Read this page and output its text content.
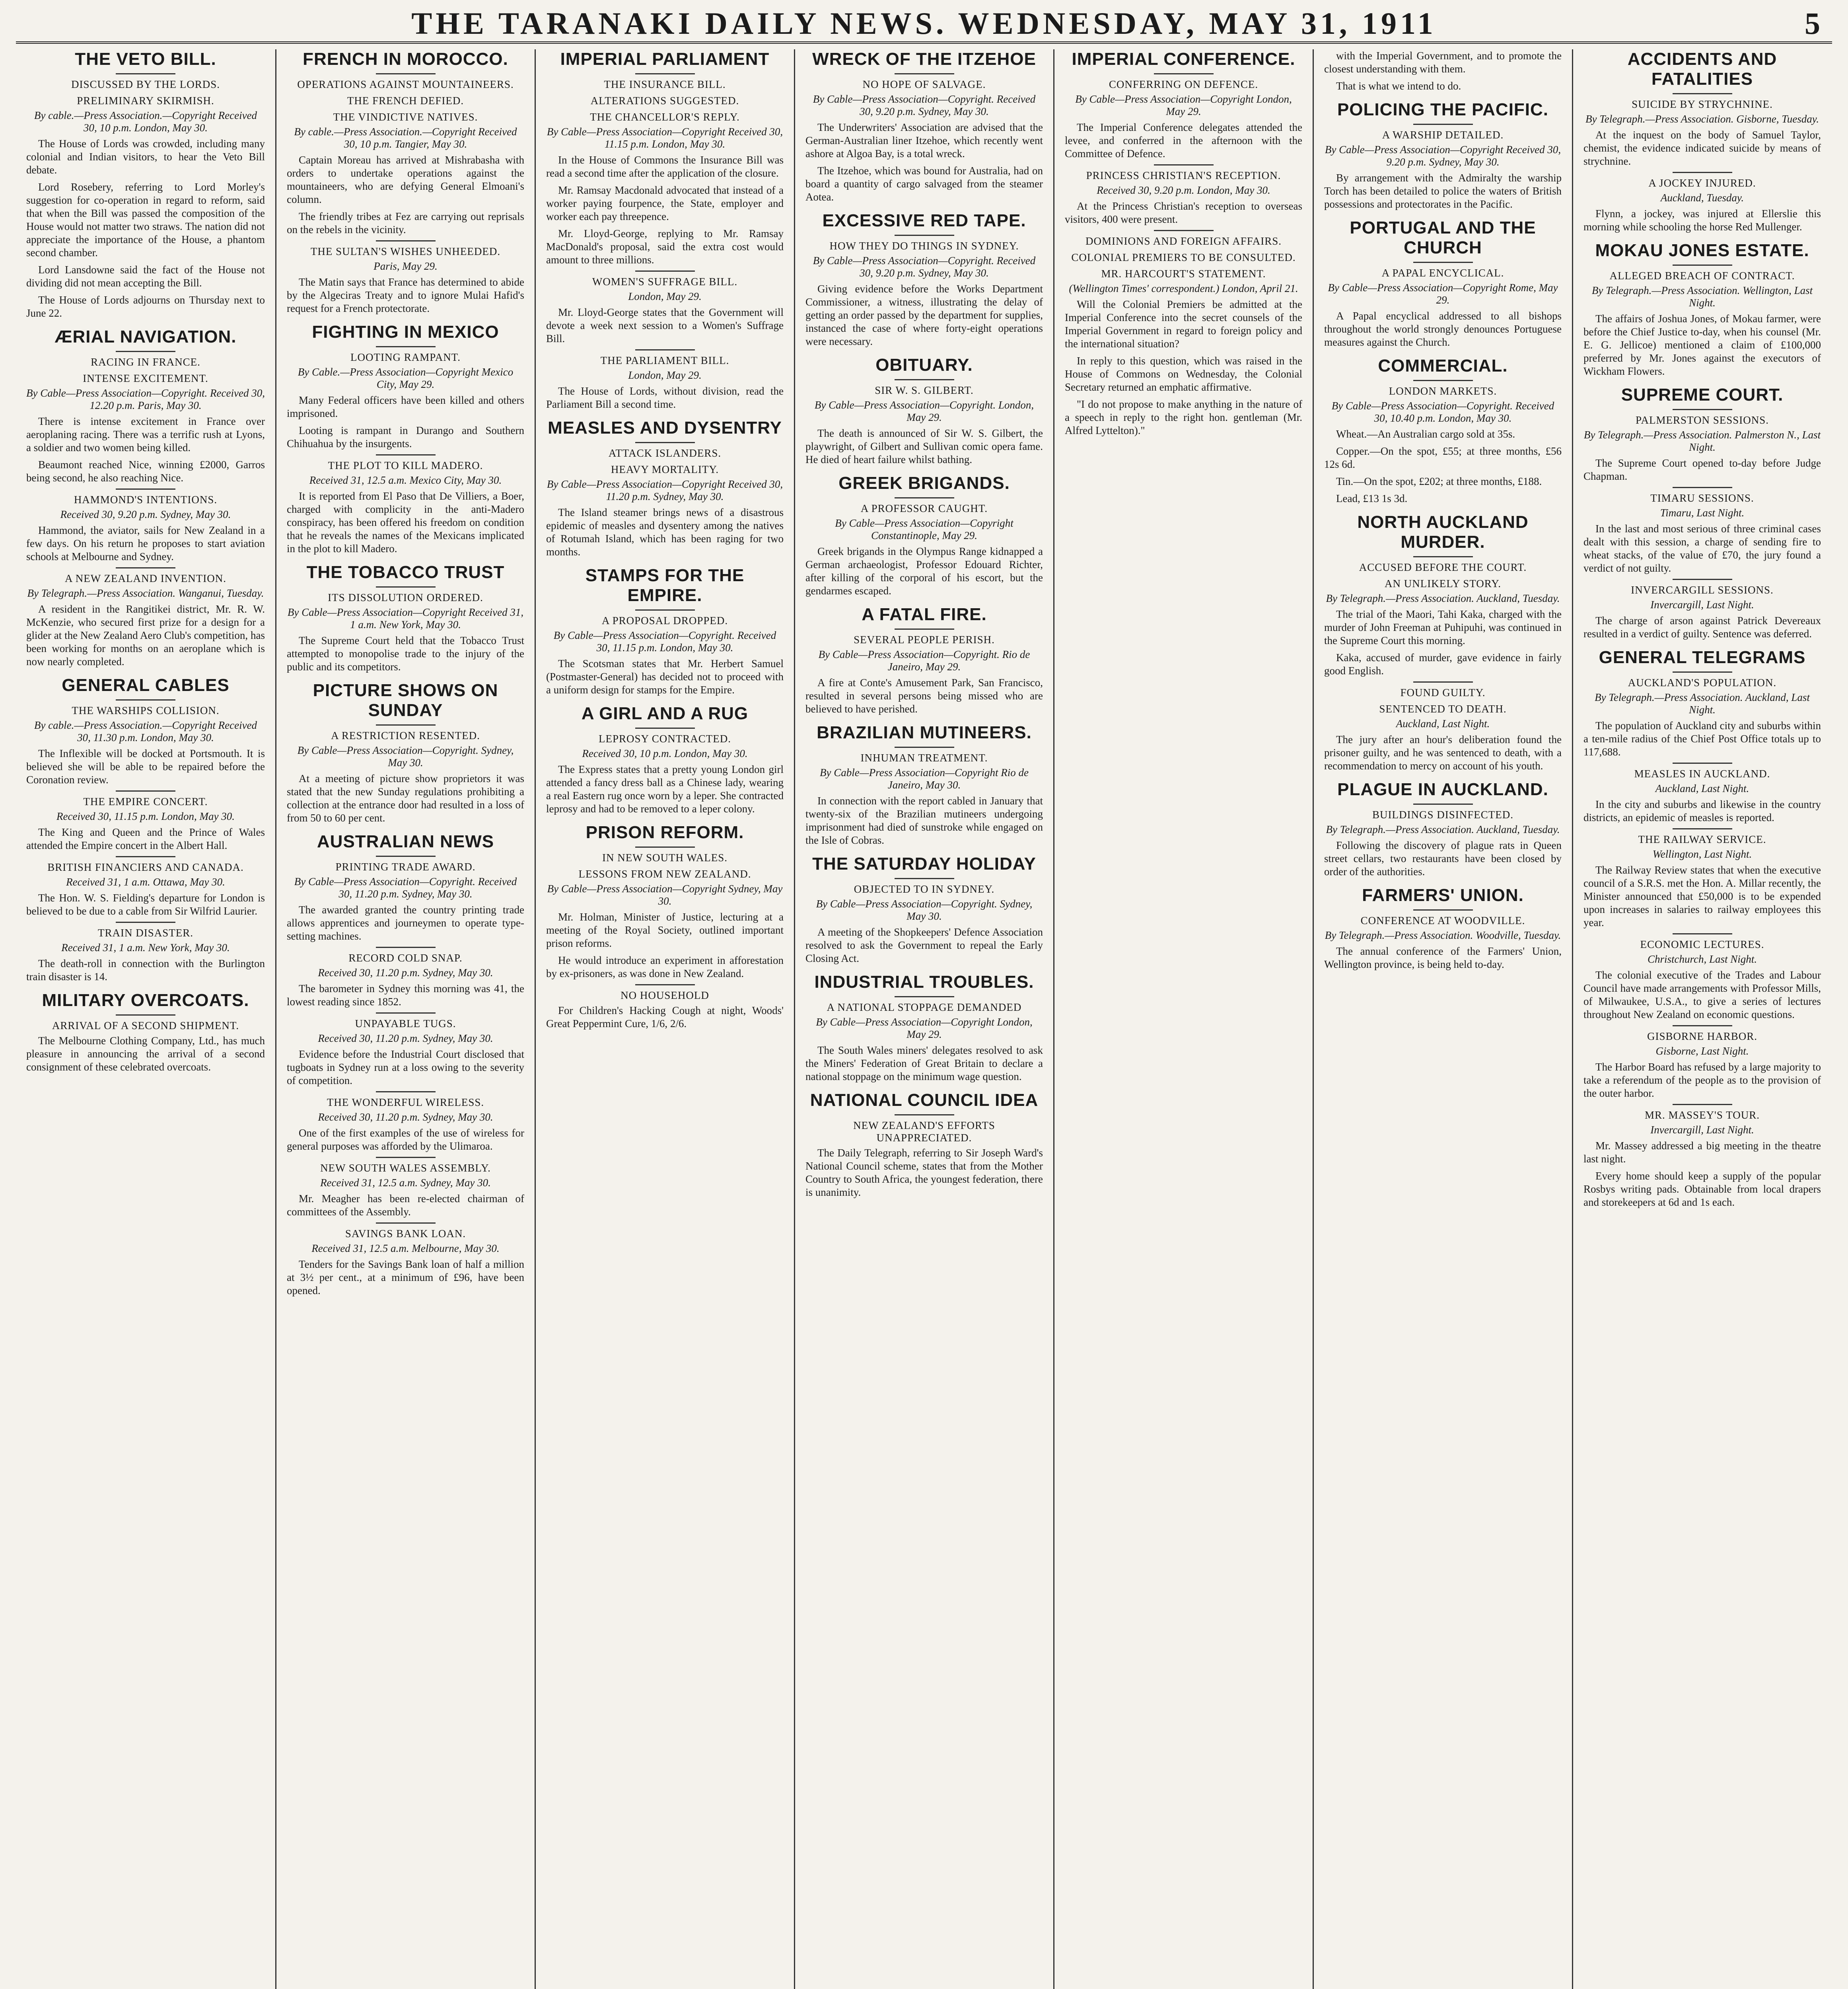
THE TARANAKI DAILY NEWS. WEDNESDAY, MAY 31, 1911	5
THE VETO BILL.
DISCUSSED BY THE LORDS.
PRELIMINARY SKIRMISH.
By cable.—Press Association.—Copyright Received 30, 10 p.m. London, May 30.

The House of Lords was crowded, including many colonial and Indian visitors, to hear the Veto Bill debate.

Lord Rosebery, referring to Lord Morley's suggestion for co-operation in regard to reform, said that when the Bill was passed the composition of the House would not matter two straws. The nation did not appreciate the importance of the House, a phantom second chamber.

Lord Lansdowne said the fact of the House not dividing did not mean accepting the Bill.

The House of Lords adjourns on Thursday next to June 22.

ÆRIAL NAVIGATION.
RACING IN FRANCE.
INTENSE EXCITEMENT.
By Cable—Press Association—Copyright. Received 30, 12.20 p.m. Paris, May 30.

There is intense excitement in France over aeroplaning racing. There was a terrific rush at Lyons, a soldier and two women being killed.

Beaumont reached Nice, winning £2000, Garros being second, he also reaching Nice.

HAMMOND'S INTENTIONS.
Received 30, 9.20 p.m. Sydney, May 30.

Hammond, the aviator, sails for New Zealand in a few days. On his return he proposes to start aviation schools at Melbourne and Sydney.

A NEW ZEALAND INVENTION.
By Telegraph.—Press Association. Wanganui, Tuesday.

A resident in the Rangitikei district, Mr. R. W. McKenzie, who secured first prize for a design for a glider at the New Zealand Aero Club's competition, has been working for months on an aeroplane which is now nearly completed.

GENERAL CABLES
THE WARSHIPS COLLISION.
By cable.—Press Association.—Copyright Received 30, 11.30 p.m. London, May 30.

The Inflexible will be docked at Portsmouth. It is believed she will be able to be repaired before the Coronation review.

THE EMPIRE CONCERT.
Received 30, 11.15 p.m. London, May 30.

The King and Queen and the Prince of Wales attended the Empire concert in the Albert Hall.

BRITISH FINANCIERS AND CANADA.
Received 31, 1 a.m. Ottawa, May 30.

The Hon. W. S. Fielding's departure for London is believed to be due to a cable from Sir Wilfrid Laurier.

TRAIN DISASTER.
Received 31, 1 a.m. New York, May 30.

The death-roll in connection with the Burlington train disaster is 14.

MILITARY OVERCOATS.
ARRIVAL OF A SECOND SHIPMENT.

The Melbourne Clothing Company, Ltd., has much pleasure in announcing the arrival of a second consignment of these celebrated overcoats.

FRENCH IN MOROCCO.
OPERATIONS AGAINST MOUNTAINEERS.
THE FRENCH DEFIED.
THE VINDICTIVE NATIVES.
By cable.—Press Association.—Copyright Received 30, 10 p.m. Tangier, May 30.

Captain Moreau has arrived at Mishrabasha with orders to undertake operations against the mountaineers, who are defying General Elmoani's column.

The friendly tribes at Fez are carrying out reprisals on the rebels in the vicinity.

THE SULTAN'S WISHES UNHEEDED.
Paris, May 29.

The Matin says that France has determined to abide by the Algeciras Treaty and to ignore Mulai Hafid's request for a French protectorate.

FIGHTING IN MEXICO
LOOTING RAMPANT.
By Cable.—Press Association—Copyright Mexico City, May 29.

Many Federal officers have been killed and others imprisoned.

Looting is rampant in Durango and Southern Chihuahua by the insurgents.

THE PLOT TO KILL MADERO.
Received 31, 12.5 a.m. Mexico City, May 30.

It is reported from El Paso that De Villiers, a Boer, charged with complicity in the anti-Madero conspiracy, has been offered his freedom on condition that he reveals the names of the Mexicans implicated in the plot to kill Madero.

THE TOBACCO TRUST
ITS DISSOLUTION ORDERED.
By Cable—Press Association—Copyright Received 31, 1 a.m. New York, May 30.

The Supreme Court held that the Tobacco Trust attempted to monopolise trade to the injury of the public and its competitors.

PICTURE SHOWS ON SUNDAY
A RESTRICTION RESENTED.
By Cable—Press Association—Copyright. Sydney, May 30.

At a meeting of picture show proprietors it was stated that the new Sunday regulations prohibiting a collection at the entrance door had resulted in a loss of from 50 to 60 per cent.

AUSTRALIAN NEWS
PRINTING TRADE AWARD.
By Cable—Press Association—Copyright. Received 30, 11.20 p.m. Sydney, May 30.

The awarded granted the country printing trade allows apprentices and journeymen to operate type-setting machines.

RECORD COLD SNAP.
Received 30, 11.20 p.m. Sydney, May 30.

The barometer in Sydney this morning was 41, the lowest reading since 1852.

UNPAYABLE TUGS.
Received 30, 11.20 p.m. Sydney, May 30.

Evidence before the Industrial Court disclosed that tugboats in Sydney run at a loss owing to the severity of competition.

THE WONDERFUL WIRELESS.
Received 30, 11.20 p.m. Sydney, May 30.

One of the first examples of the use of wireless for general purposes was afforded by the Ulimaroa.

NEW SOUTH WALES ASSEMBLY.
Received 31, 12.5 a.m. Sydney, May 30.

Mr. Meagher has been re-elected chairman of committees of the Assembly.

SAVINGS BANK LOAN.
Received 31, 12.5 a.m. Melbourne, May 30.

Tenders for the Savings Bank loan of half a million at 3½ per cent., at a minimum of £96, have been opened.

IMPERIAL PARLIAMENT
THE INSURANCE BILL.
ALTERATIONS SUGGESTED.
THE CHANCELLOR'S REPLY.
By Cable—Press Association—Copyright Received 30, 11.15 p.m. London, May 30.

In the House of Commons the Insurance Bill was read a second time after the application of the closure.

Mr. Ramsay Macdonald advocated that instead of a worker paying fourpence, the State, employer and worker each pay threepence.

Mr. Lloyd-George, replying to Mr. Ramsay MacDonald's proposal, said the extra cost would amount to three millions.

WOMEN'S SUFFRAGE BILL.
London, May 29.

Mr. Lloyd-George states that the Government will devote a week next session to a Women's Suffrage Bill.

THE PARLIAMENT BILL.
London, May 29.

The House of Lords, without division, read the Parliament Bill a second time.

MEASLES AND DYSENTRY
ATTACK ISLANDERS.
HEAVY MORTALITY.
By Cable—Press Association—Copyright Received 30, 11.20 p.m. Sydney, May 30.

The Island steamer brings news of a disastrous epidemic of measles and dysentery among the natives of Rotumah Island, which has been raging for two months.

STAMPS FOR THE EMPIRE.
A PROPOSAL DROPPED.
By Cable—Press Association—Copyright. Received 30, 11.15 p.m. London, May 30.

The Scotsman states that Mr. Herbert Samuel (Postmaster-General) has decided not to proceed with a uniform design for stamps for the Empire.

A GIRL AND A RUG
LEPROSY CONTRACTED.
Received 30, 10 p.m. London, May 30.

The Express states that a pretty young London girl attended a fancy dress ball as a Chinese lady, wearing a real Eastern rug once worn by a leper. She contracted leprosy and had to be removed to a leper colony.

PRISON REFORM.
IN NEW SOUTH WALES.
LESSONS FROM NEW ZEALAND.
By Cable—Press Association—Copyright Sydney, May 30.

Mr. Holman, Minister of Justice, lecturing at a meeting of the Royal Society, outlined important prison reforms.

He would introduce an experiment in afforestation by ex-prisoners, as was done in New Zealand.

NO HOUSEHOLD

For Children's Hacking Cough at night, Woods' Great Peppermint Cure, 1/6, 2/6.

WRECK OF THE ITZEHOE
NO HOPE OF SALVAGE.
By Cable—Press Association—Copyright. Received 30, 9.20 p.m. Sydney, May 30.

The Underwriters' Association are advised that the German-Australian liner Itzehoe, which recently went ashore at Algoa Bay, is a total wreck.

The Itzehoe, which was bound for Australia, had on board a quantity of cargo salvaged from the steamer Aotea.

EXCESSIVE RED TAPE.
HOW THEY DO THINGS IN SYDNEY.
By Cable—Press Association—Copyright. Received 30, 9.20 p.m. Sydney, May 30.

Giving evidence before the Works Department Commissioner, a witness, illustrating the delay of getting an order passed by the department for supplies, instanced the case of where forty-eight operations were necessary.

OBITUARY.
SIR W. S. GILBERT.
By Cable—Press Association—Copyright. London, May 29.

The death is announced of Sir W. S. Gilbert, the playwright, of Gilbert and Sullivan comic opera fame. He died of heart failure whilst bathing.

GREEK BRIGANDS.
A PROFESSOR CAUGHT.
By Cable—Press Association—Copyright Constantinople, May 29.

Greek brigands in the Olympus Range kidnapped a German archaeologist, Professor Edouard Richter, after killing of the corporal of his escort, but the gendarmes escaped.

A FATAL FIRE.
SEVERAL PEOPLE PERISH.
By Cable—Press Association—Copyright. Rio de Janeiro, May 29.

A fire at Conte's Amusement Park, San Francisco, resulted in several persons being missed who are believed to have perished.

BRAZILIAN MUTINEERS.
INHUMAN TREATMENT.
By Cable—Press Association—Copyright Rio de Janeiro, May 30.

In connection with the report cabled in January that twenty-six of the Brazilian mutineers undergoing imprisonment had died of sunstroke while engaged on the Isle of Cobras.

THE SATURDAY HOLIDAY
OBJECTED TO IN SYDNEY.
By Cable—Press Association—Copyright. Sydney, May 30.

A meeting of the Shopkeepers' Defence Association resolved to ask the Government to repeal the Early Closing Act.

INDUSTRIAL TROUBLES.
A NATIONAL STOPPAGE DEMANDED
By Cable—Press Association—Copyright London, May 29.

The South Wales miners' delegates resolved to ask the Miners' Federation of Great Britain to declare a national stoppage on the minimum wage question.

NATIONAL COUNCIL IDEA
NEW ZEALAND'S EFFORTS UNAPPRECIATED.

The Daily Telegraph, referring to Sir Joseph Ward's National Council scheme, states that from the Mother Country to South Africa, the youngest federation, there is unanimity.

IMPERIAL CONFERENCE.
CONFERRING ON DEFENCE.
By Cable—Press Association—Copyright London, May 29.

The Imperial Conference delegates attended the levee, and conferred in the afternoon with the Committee of Defence.

PRINCESS CHRISTIAN'S RECEPTION.
Received 30, 9.20 p.m. London, May 30.

At the Princess Christian's reception to overseas visitors, 400 were present.

DOMINIONS AND FOREIGN AFFAIRS.
COLONIAL PREMIERS TO BE CONSULTED.
MR. HARCOURT'S STATEMENT.
(Wellington Times' correspondent.) London, April 21.

Will the Colonial Premiers be admitted at the Imperial Conference into the secret counsels of the Imperial Government in regard to foreign policy and the international situation?

In reply to this question, which was raised in the House of Commons on Wednesday, the Colonial Secretary returned an emphatic affirmative.

"I do not propose to make anything in the nature of a speech in reply to the right hon. gentleman (Mr. Alfred Lyttelton)."

with the Imperial Government, and to promote the closest understanding with them.

That is what we intend to do.

POLICING THE PACIFIC.
A WARSHIP DETAILED.
By Cable—Press Association—Copyright Received 30, 9.20 p.m. Sydney, May 30.

By arrangement with the Admiralty the warship Torch has been detailed to police the waters of British possessions and protectorates in the Pacific.

PORTUGAL AND THE CHURCH
A PAPAL ENCYCLICAL.
By Cable—Press Association—Copyright Rome, May 29.

A Papal encyclical addressed to all bishops throughout the world strongly denounces Portuguese measures against the Church.

COMMERCIAL.
LONDON MARKETS.
By Cable—Press Association—Copyright. Received 30, 10.40 p.m. London, May 30.

Wheat.—An Australian cargo sold at 35s.

Copper.—On the spot, £55; at three months, £56 12s 6d.

Tin.—On the spot, £202; at three months, £188.

Lead, £13 1s 3d.

NORTH AUCKLAND MURDER.
ACCUSED BEFORE THE COURT.
AN UNLIKELY STORY.
By Telegraph.—Press Association. Auckland, Tuesday.

The trial of the Maori, Tahi Kaka, charged with the murder of John Freeman at Puhipuhi, was continued in the Supreme Court this morning.

Kaka, accused of murder, gave evidence in fairly good English.

FOUND GUILTY.
SENTENCED TO DEATH.
Auckland, Last Night.

The jury after an hour's deliberation found the prisoner guilty, and he was sentenced to death, with a recommendation to mercy on account of his youth.

PLAGUE IN AUCKLAND.
BUILDINGS DISINFECTED.
By Telegraph.—Press Association. Auckland, Tuesday.

Following the discovery of plague rats in Queen street cellars, two restaurants have been closed by order of the authorities.

FARMERS' UNION.
CONFERENCE AT WOODVILLE.
By Telegraph.—Press Association. Woodville, Tuesday.

The annual conference of the Farmers' Union, Wellington province, is being held to-day.

ACCIDENTS AND FATALITIES
SUICIDE BY STRYCHNINE.
By Telegraph.—Press Association. Gisborne, Tuesday.

At the inquest on the body of Samuel Taylor, chemist, the evidence indicated suicide by means of strychnine.

A JOCKEY INJURED.
Auckland, Tuesday.

Flynn, a jockey, was injured at Ellerslie this morning while schooling the horse Red Mullenger.

MOKAU JONES ESTATE.
ALLEGED BREACH OF CONTRACT.
By Telegraph.—Press Association. Wellington, Last Night.

The affairs of Joshua Jones, of Mokau farmer, were before the Chief Justice to-day, when his counsel (Mr. E. G. Jellicoe) mentioned a claim of £100,000 preferred by Mr. Jones against the executors of Wickham Flowers.

SUPREME COURT.
PALMERSTON SESSIONS.
By Telegraph.—Press Association. Palmerston N., Last Night.

The Supreme Court opened to-day before Judge Chapman.

TIMARU SESSIONS.
Timaru, Last Night.

In the last and most serious of three criminal cases dealt with this session, a charge of sending fire to wheat stacks, of the value of £70, the jury found a verdict of not guilty.

INVERCARGILL SESSIONS.
Invercargill, Last Night.

The charge of arson against Patrick Devereaux resulted in a verdict of guilty. Sentence was deferred.

GENERAL TELEGRAMS
AUCKLAND'S POPULATION.
By Telegraph.—Press Association. Auckland, Last Night.

The population of Auckland city and suburbs within a ten-mile radius of the Chief Post Office totals up to 117,688.

MEASLES IN AUCKLAND.
Auckland, Last Night.

In the city and suburbs and likewise in the country districts, an epidemic of measles is reported.

THE RAILWAY SERVICE.
Wellington, Last Night.

The Railway Review states that when the executive council of a S.R.S. met the Hon. A. Millar recently, the Minister announced that £50,000 is to be expended upon increases in salaries to railway employees this year.

ECONOMIC LECTURES.
Christchurch, Last Night.

The colonial executive of the Trades and Labour Council have made arrangements with Professor Mills, of Milwaukee, U.S.A., to give a series of lectures throughout New Zealand on economic questions.

GISBORNE HARBOR.
Gisborne, Last Night.

The Harbor Board has refused by a large majority to take a referendum of the people as to the provision of the outer harbor.

MR. MASSEY'S TOUR.
Invercargill, Last Night.

Mr. Massey addressed a big meeting in the theatre last night.

Every home should keep a supply of the popular Rosbys writing pads. Obtainable from local drapers and storekeepers at 6d and 1s each.
